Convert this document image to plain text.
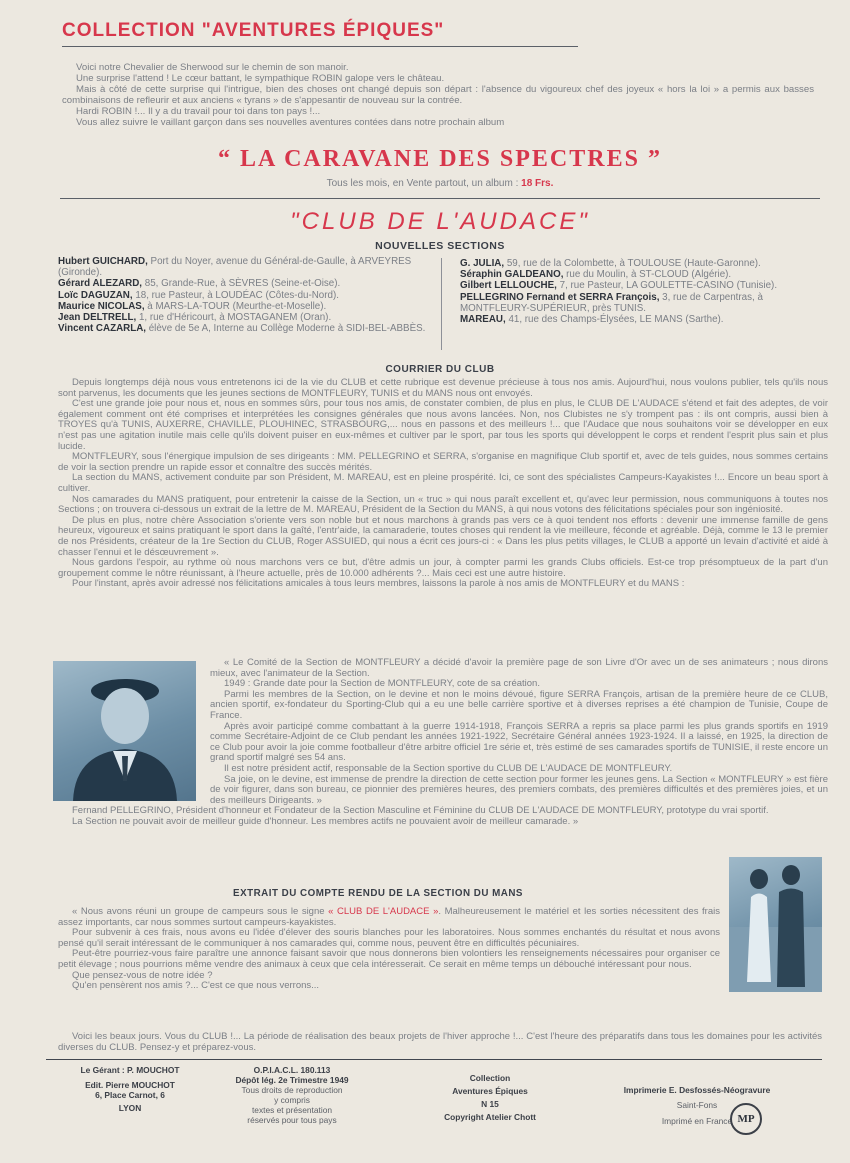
COLLECTION "AVENTURES ÉPIQUES"

Voici notre Chevalier de Sherwood sur le chemin de son manoir.

Une surprise l'attend ! Le cœur battant, le sympathique ROBIN galope vers le château.

Mais à côté de cette surprise qui l'intrigue, bien des choses ont changé depuis son départ : l'absence du vigoureux chef des joyeux « hors la loi » a permis aux basses combinaisons de refleurir et aux anciens « tyrans » de s'appesantir de nouveau sur la contrée.

Hardi ROBIN !... Il y a du travail pour toi dans ton pays !...

Vous allez suivre le vaillant garçon dans ses nouvelles aventures contées dans notre prochain album

“ LA CARAVANE DES SPECTRES ”
Tous les mois, en Vente partout, un album : 18 Frs.
"CLUB DE L'AUDACE"
NOUVELLES SECTIONS
Hubert GUICHARD, Port du Noyer, avenue du Général-de-Gaulle, à ARVEYRES (Gironde).
Gérard ALEZARD, 85, Grande-Rue, à SÈVRES (Seine-et-Oise).
Loïc DAGUZAN, 18, rue Pasteur, à LOUDÉAC (Côtes-du-Nord).
Maurice NICOLAS, à MARS-LA-TOUR (Meurthe-et-Moselle).
Jean DELTRELL, 1, rue d'Héricourt, à MOSTAGANEM (Oran).
Vincent CAZARLA, élève de 5e A, Interne au Collège Moderne à SIDI-BEL-ABBÈS.
G. JULIA, 59, rue de la Colombette, à TOULOUSE (Haute-Garonne).
Séraphin GALDEANO, rue du Moulin, à ST-CLOUD (Algérie).
Gilbert LELLOUCHE, 7, rue Pasteur, LA GOULETTE-CASINO (Tunisie).
PELLEGRINO Fernand et SERRA François, 3, rue de Carpentras, à MONTFLEURY-SUPÉRIEUR, près TUNIS.
MAREAU, 41, rue des Champs-Élysées, LE MANS (Sarthe).
COURRIER DU CLUB

Depuis longtemps déjà nous vous entretenons ici de la vie du CLUB et cette rubrique est devenue précieuse à tous nos amis. Aujourd'hui, nous voulons publier, tels qu'ils nous sont parvenus, les documents que les jeunes sections de MONTFLEURY, TUNIS et du MANS nous ont envoyés.

C'est une grande joie pour nous et, nous en sommes sûrs, pour tous nos amis, de constater combien, de plus en plus, le CLUB DE L'AUDACE s'étend et fait des adeptes, de voir également comment ont été comprises et interprétées les consignes générales que nous avons lancées. Non, nos Clubistes ne s'y trompent pas : ils ont compris, aussi bien à TROYES qu'à TUNIS, AUXERRE, CHAVILLE, PLOUHINEC, STRASBOURG,... nous en passons et des meilleurs !... que l'Audace que nous souhaitons voir se développer en eux n'est pas une agitation inutile mais celle qu'ils doivent puiser en eux-mêmes et cultiver par le sport, par tous les sports qui développent le corps et rendent l'esprit plus sain et plus lucide.

MONTFLEURY, sous l'énergique impulsion de ses dirigeants : MM. PELLEGRINO et SERRA, s'organise en magnifique Club sportif et, avec de tels guides, nous sommes certains de voir la section prendre un rapide essor et connaître des succès mérités.

La section du MANS, activement conduite par son Président, M. MAREAU, est en pleine prospérité. Ici, ce sont des spécialistes Campeurs-Kayakistes !... Encore un beau sport à cultiver.

Nos camarades du MANS pratiquent, pour entretenir la caisse de la Section, un « truc » qui nous paraît excellent et, qu'avec leur permission, nous communiquons à toutes nos Sections ; on trouvera ci-dessous un extrait de la lettre de M. MAREAU, Président de la Section du MANS, à qui nous votons des félicitations spéciales pour son ingéniosité.

De plus en plus, notre chère Association s'oriente vers son noble but et nous marchons à grands pas vers ce à quoi tendent nos efforts : devenir une immense famille de gens heureux, vigoureux et sains pratiquant le sport dans la gaîté, l'entr'aide, la camaraderie, toutes choses qui rendent la vie meilleure, féconde et agréable. Déjà, comme le 13 le premier de nos Présidents, créateur de la 1re Section du CLUB, Roger ASSUIED, qui nous a écrit ces jours-ci : « Dans les plus petits villages, le CLUB a apporté un levain d'activité et aidé à chasser l'ennui et le désœuvrement ».

Nous gardons l'espoir, au rythme où nous marchons vers ce but, d'être admis un jour, à compter parmi les grands Clubs officiels. Est-ce trop présomptueux de la part d'un groupement comme le nôtre réunissant, à l'heure actuelle, près de 10.000 adhérents ?... Mais ceci est une autre histoire.

Pour l'instant, après avoir adressé nos félicitations amicales à tous leurs membres, laissons la parole à nos amis de MONTFLEURY et du MANS :

« Le Comité de la Section de MONTFLEURY a décidé d'avoir la première page de son Livre d'Or avec un de ses animateurs ; nous dirons mieux, avec l'animateur de la Section.

1949 : Grande date pour la Section de MONTFLEURY, cote de sa création.

Parmi les membres de la Section, on le devine et non le moins dévoué, figure SERRA François, artisan de la première heure de ce CLUB, ancien sportif, ex-fondateur du Sporting-Club qui a eu une belle carrière sportive et à diverses reprises a été champion de Tunisie, Coupe de France.

Après avoir participé comme combattant à la guerre 1914-1918, François SERRA a repris sa place parmi les plus grands sportifs en 1919 comme Secrétaire-Adjoint de ce Club pendant les années 1921-1922, Secrétaire Général années 1923-1924. Il a laissé, en 1925, la direction de ce Club pour avoir la joie comme footballeur d'être arbitre officiel 1re série et, très estimé de ses camarades sportifs de TUNISIE, il reste encore un grand sportif malgré ses 54 ans.

Il est notre président actif, responsable de la Section sportive du CLUB DE L'AUDACE DE MONTFLEURY.

Sa joie, on le devine, est immense de prendre la direction de cette section pour former les jeunes gens. La Section « MONTFLEURY » est fière de voir figurer, dans son bureau, ce pionnier des premières heures, des premiers combats, des premières difficultés et des premières joies, et un des meilleurs Dirigeants. »

Fernand PELLEGRINO, Président d'honneur et Fondateur de la Section Masculine et Féminine du CLUB DE L'AUDACE DE MONTFLEURY, prototype du vrai sportif.

La Section ne pouvait avoir de meilleur guide d'honneur. Les membres actifs ne pouvaient avoir de meilleur camarade. »

EXTRAIT DU COMPTE RENDU DE LA SECTION DU MANS

« Nous avons réuni un groupe de campeurs sous le signe « CLUB DE L'AUDACE ». Malheureusement le matériel et les sorties nécessitent des frais assez importants, car nous sommes surtout campeurs-kayakistes.

Pour subvenir à ces frais, nous avons eu l'idée d'élever des souris blanches pour les laboratoires. Nous sommes enchantés du résultat et nous avons pensé qu'il serait intéressant de le communiquer à nos camarades qui, comme nous, peuvent être en difficultés pécuniaires.

Peut-être pourriez-vous faire paraître une annonce faisant savoir que nous donnerons bien volontiers les renseignements nécessaires pour organiser ce petit élevage ; nous pourrions même vendre des animaux à ceux que cela intéresserait. Ce serait en même temps un débouché intéressant pour nous.

Que pensez-vous de notre idée ?

Qu'en pensèrent nos amis ?... C'est ce que nous verrons...

Voici les beaux jours. Vous du CLUB !... La période de réalisation des beaux projets de l'hiver approche !... C'est l'heure des préparatifs dans tous les domaines pour les activités diverses du CLUB. Pensez-y et préparez-vous.

Le Gérant : P. MOUCHOT
Edit. Pierre MOUCHOT
6, Place Carnot, 6
LYON
O.P.I.A.C.L. 180.113
Dépôt lég. 2e Trimestre 1949
Tous droits de reproduction
y compris
textes et présentation
réservés pour tous pays
Collection
Aventures Épiques
N 15
Copyright Atelier Chott
Imprimerie E. Desfossés-Néogravure
Saint-Fons
Imprimé en France MP
